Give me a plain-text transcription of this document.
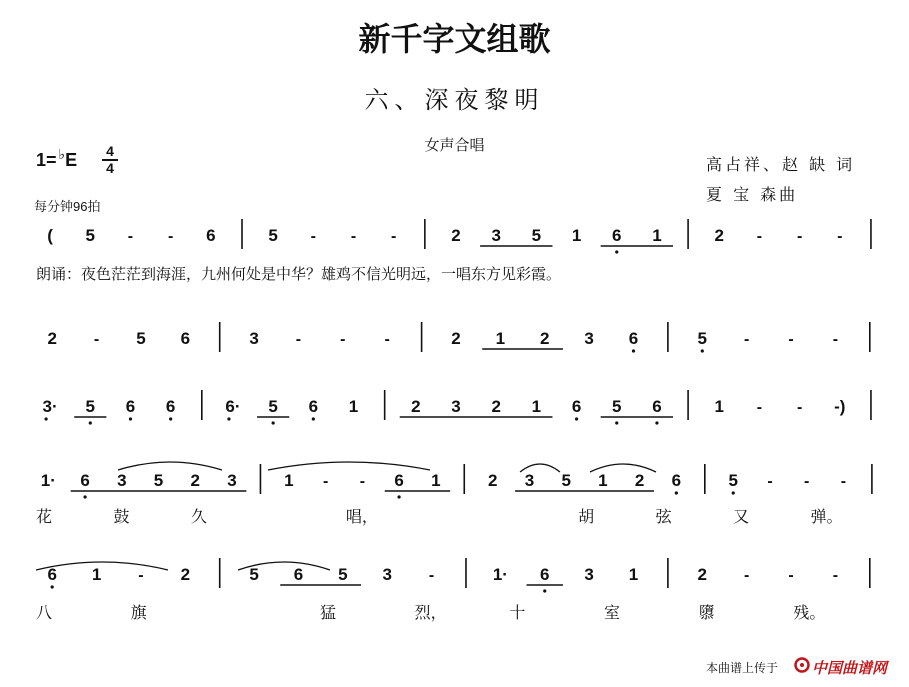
新千字文组歌
六、深夜黎明
女声合唱
1= ♭E	4
4
每分钟96拍
高占祥、赵 缺 词
夏 宝 森曲
( 5 - - 6	5 - - -	2 3 5 1 6 1	2 - - -
2 - 5 6	3 - - -	2 1 2 3 6	5 - - -
3· 5 6 6	6· 5 6 1	2 3 2 1 6 5 6	1 - - -)
1· 6 3 5 2 3	1 - - 6 1	2 3 5 1 2 6	5 - - -
花	鼓	久	唱，	胡	弦	又	弹。
6 1 - 2	5 6 5 3 -	1· 6 3 1	2 - - -
八	旗	猛	烈，	十	室	隳	残。
朗诵：夜色茫茫到海涯，九州何处是中华？雄鸡不信光明远，一唱东方见彩霞。
本曲谱上传于 中国曲谱网
